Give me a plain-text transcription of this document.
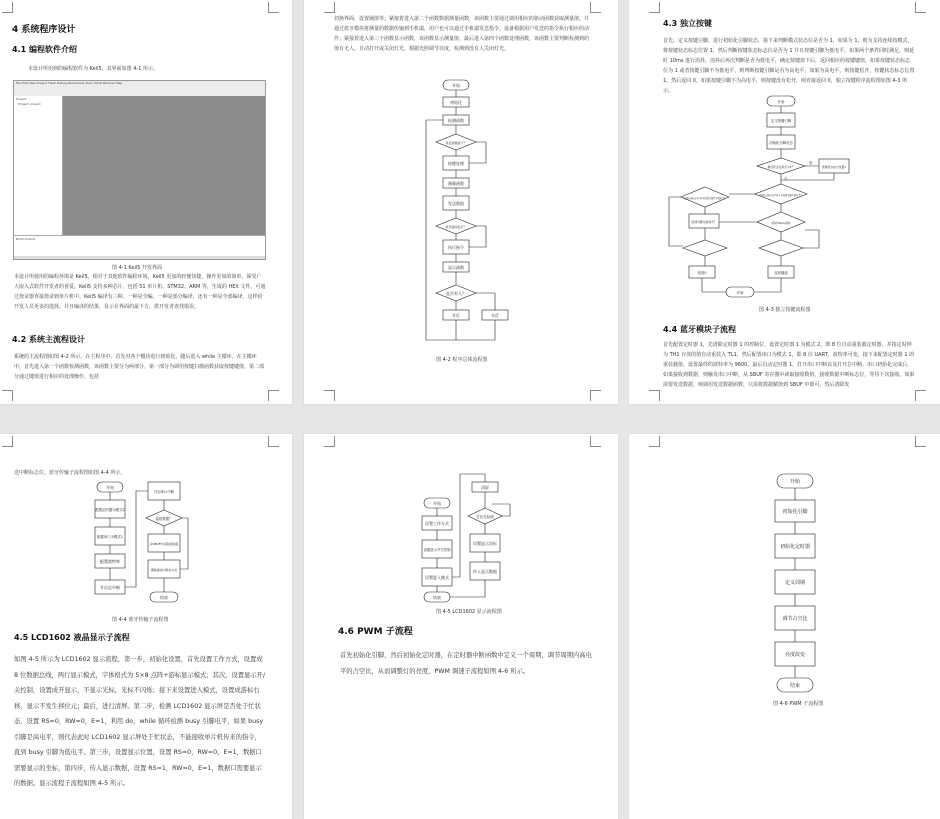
4 系统程序设计
4.1 编程软件介绍
本设计所用到的编程软件为 Keil5，其界面如图 4-1 所示。
File Edit View Project Flash Debug Peripherals Tools SVCS Window Help
Project
Project: project
Build Output
图 4-1 Keil5 开发界面
本设计所使用的编程环境是 Keil5，相对于其他软件编程环境，Keil5 更加的轻便快捷，操作更加的简单，深受广大嵌入式软件开发者的喜爱。Keil5 支持多种芯片，包括 51 单片机、STM32、ARM 等，生成的 HEX 文件，可通过烧录器直接烧录到单片机中。Keil5 编译有三种，一种是全编，一种是部分编译，还有一种是全部编译，这样给开发人员更多的选择，并且编译的结果，显示在界面的最下方，供开发者查找错误。
4.2 系统主流程设计
系统的主流程图如图 4-2 所示。在主程序中，首先对各个模块进行初始化，随后进入 while 主循环。在主循环中，首先进入第一个函数检测函数，该函数主要分为两部分，第一部分为调用按键扫描函数获取按键键值，第二部分通过键值进行相应的处理操作，包括
切换界面、设置阈值等；紧接着进入第二个函数数据测量函数，该函数主要通过调用相应的驱动函数获取测量值，并通过蓝牙模块将测量的数据传输到手机端，用户也可以通过手机端发送指令，设备根据用户发送的指令执行相应的动作；紧接着进入第三个函数显示函数，该函数显示测量值，最后进入第四个函数处理函数，该函数主要判断检测到的值有无人，自动打开或关闭灯光，根据光照调节亮度，检测到没有人关闭灯光。
开始
初始化
检测函数
是否按键按下？
按键处理
测量函数
发送数据
是否接收指令？
执行指令
显示函数
是否有人？
开灯	关灯
图 4-2 程序总体流程图
4.3 独立按键
首先，定义按键引脚，进行初始化引脚状态，接下来判断模式状态位是否为 1，如果为 1，则为支持连续按模式，将按键状态标志位置 1，然后判断按键状态标志位是否为 1 并且按键引脚为低电平，如果两个条件同时满足，则延时 10ms 进行消抖，消抖后再次判断是否为低电平，确定按键按下后，返回相应的按键键值，如果按键状态标志位为 1 或者按键引脚不为低电平，则判断按键引脚是否为高电平，如果为高电平，则按键松开，按键状态标志位置 1，然后返回 0，如果按键引脚不为高电平，则按键没有松开，则直接返回 0，独立按键程序流程图如图 4-3 所示。
开始
定义按键引脚
初始化引脚状态
模式状态位是否为1？	按键状态标志位置1
按键状态标志位为1并且按键引脚为低电平？
按键状态标志位为1或按键引脚不为低电平？
延时10ms消抖
按键引脚为高电平？
返回0	返回键值
开始
是
否
图 4-3 独立按键流程图
4.4 蓝牙模块子流程
首先配置定时器 1，先清除定时器 1 的控制位，设置定时器 1 为模式 2，即 8 位自动重装载定时器，并指定时钟为 TH1 存放的值自动重装入 TL1，然后配置串口为模式 1，即 8 位 UART，波特率可变。接下来配置定时器 1 的重装载值，设置最终的波特率为 9600，最后启动定时器 1，打开串口中断以及打开总中断。串口初始化完成后，如果接收到数据，则触发串口中断，从 SBUF 寄存器中读取接收数值，接收数据中断标志位，等待下次接收。如果需要发送数据，则调用发送数据函数，只需将数据赋值到 SBUF 中即可，然后清除发
送中断标志位。蓝牙传输子流程图如图 4-4 所示。
开始
配置定时器为模式2
配置串口为模式1
配置波特率
开启总中断
开启串口中断
接收数据？
从SBUF中读取接收值
清除接收中断标志位
结束
图 4-4 蓝牙传输子流程图
4.5 LCD1602 液晶显示子流程
如图 4-5 所示为 LCD1602 显示流程，第一步，初始化设置，首先设置工作方式，设置成 8 位数据总线，两行显示模式，字体格式为 5×8 点阵+游标显示模式；其次，设置显示开/关控制，设置成开显示，不显示光标，光标不闪烁；接下来设置进入模式，设置成游标右移，显示不发生移位元；最后，进行清屏。第二步，检测 LCD1602 显示屏是否处于忙状态，设置 RS=0，RW=0，E=1，利用 do，while 循环检测 busy 引脚电平，如果 busy 引脚是高电平，则代表此时 LCD1602 显示屏处于忙状态，不能接收单片机传来的指令，直到 busy 引脚为低电平。第三步，设置显示位置，设置 RS=0，RW=0，E=1，数据口需要显示的坐标，第四步，传入显示数据，设置 RS=1，RW=0，E=1，数据口需要显示的数据。显示流程子流程如图 4-5 所示。
开始
设置工作方式
设置显示开关控制
设置进入模式
结束
清屏
忙状态检测
设置显示坐标
传入显示数据
图 4-5 LCD1602 显示流程图
4.6 PWM 子流程
首先初始化引脚，然后初始化定时器，在定时器中断函数中定义一个周期，调节周期内高电平的占空比，从而调整灯的亮度，PWM 调速子流程如图 4-6 所示。
开始
初始化引脚
初始化定时器
定义周期
调节占空比
亮度改变
结束
图 4-6 PWM 子流程图
